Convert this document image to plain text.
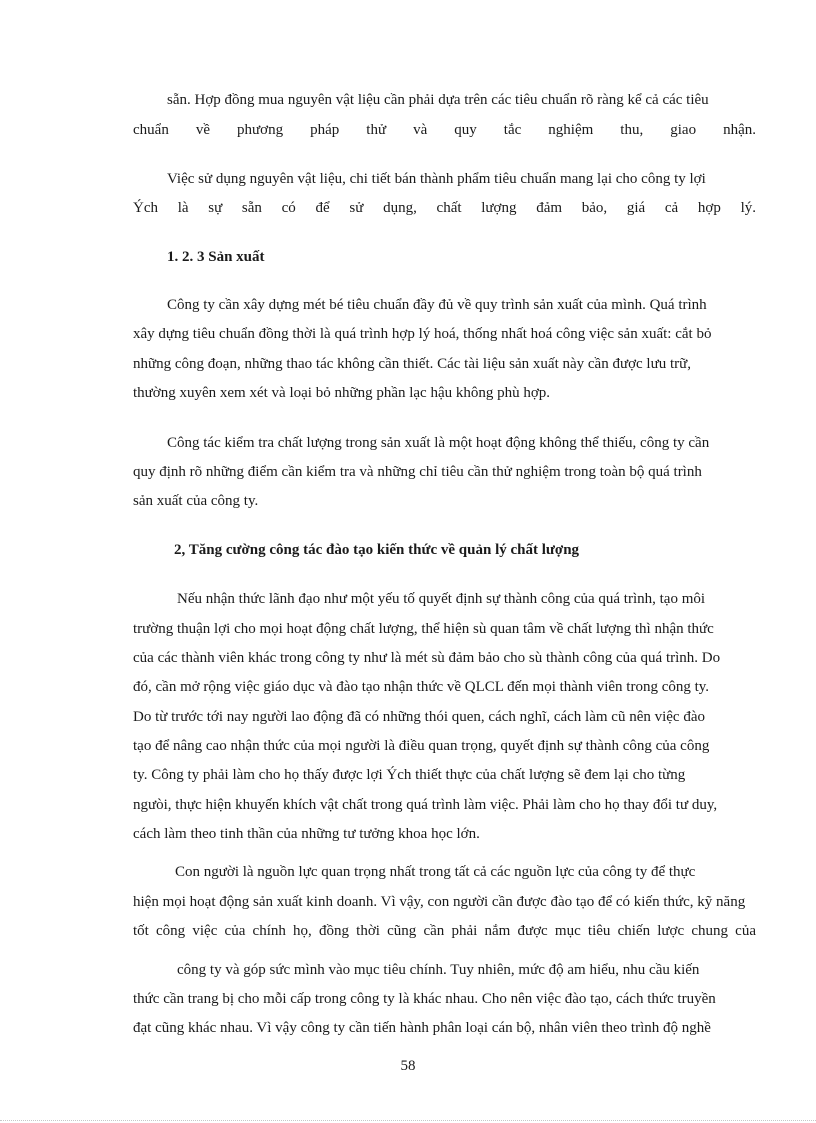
sẵn. Hợp đồng mua nguyên vật liệu cần phải dựa trên các tiêu chuẩn rõ ràng kể cả các tiêu
chuẩn về phương pháp thử và quy tắc nghiệm thu, giao nhận.
Việc sử dụng nguyên vật liệu, chi tiết bán thành phẩm tiêu chuẩn mang lại cho công ty lợi
Ých là sự sẵn có để sử dụng, chất lượng đảm bảo, giá cả hợp lý.
1. 2. 3 Sản xuất
Công ty cần xây dựng mét bé tiêu chuẩn đầy đủ về quy trình sản xuất của mình. Quá trình
xây dựng tiêu chuẩn đồng thời là quá trình hợp lý hoá, thống nhất hoá công việc sản xuất: cắt bỏ
những công đoạn, những thao tác không cần thiết. Các tài liệu sản xuất này cần được lưu trữ,
thường xuyên xem xét và loại bỏ những phần lạc hậu không phù hợp.
Công tác kiểm tra chất lượng trong sản xuất là một hoạt động không thể thiếu, công ty cần
quy định rõ những điểm cần kiểm tra và những chỉ tiêu cần thử nghiệm trong toàn bộ quá trình
sản xuất của công ty.
2, Tăng cường công tác đào tạo kiến thức về quản lý chất lượng
Nếu nhận thức lãnh đạo như một yếu tố quyết định sự thành công của quá trình, tạo môi
trường thuận lợi cho mọi hoạt động chất lượng, thể hiện sù quan tâm về chất lượng thì nhận thức
của các thành viên khác trong công ty như là mét sù đảm bảo cho sù thành công của quá trình. Do
đó, cần mở rộng việc giáo dục và đào tạo nhận thức về QLCL đến mọi thành viên trong công ty.
Do từ trước tới nay người lao động đã có những thói quen, cách nghĩ, cách làm cũ nên việc đào
tạo để nâng cao nhận thức của mọi người là điều quan trọng, quyết định sự thành công của công
ty. Công ty phải làm cho họ thấy được lợi Ých thiết thực của chất lượng sẽ đem lại cho từng
ngưòi, thực hiện khuyến khích vật chất trong quá trình làm việc. Phải làm cho họ thay đổi tư duy,
cách làm theo tinh thần của những tư tưởng khoa học lớn.
Con người là nguồn lực quan trọng nhất trong tất cả các nguồn lực của công ty để thực
hiện mọi hoạt động sản xuất kinh doanh. Vì vậy, con người cần được đào tạo để có kiến thức, kỹ năng
tốt công việc của chính họ, đồng thời cũng cần phải nắm được mục tiêu chiến lược chung của
công ty và góp sức mình vào mục tiêu chính. Tuy nhiên, mức độ am hiểu, nhu cầu kiến
thức cần trang bị cho mỗi cấp trong công ty là khác nhau. Cho nên việc đào tạo, cách thức truyền
đạt cũng khác nhau. Vì vậy công ty cần tiến hành phân loại cán bộ, nhân viên theo trình độ nghề
58
